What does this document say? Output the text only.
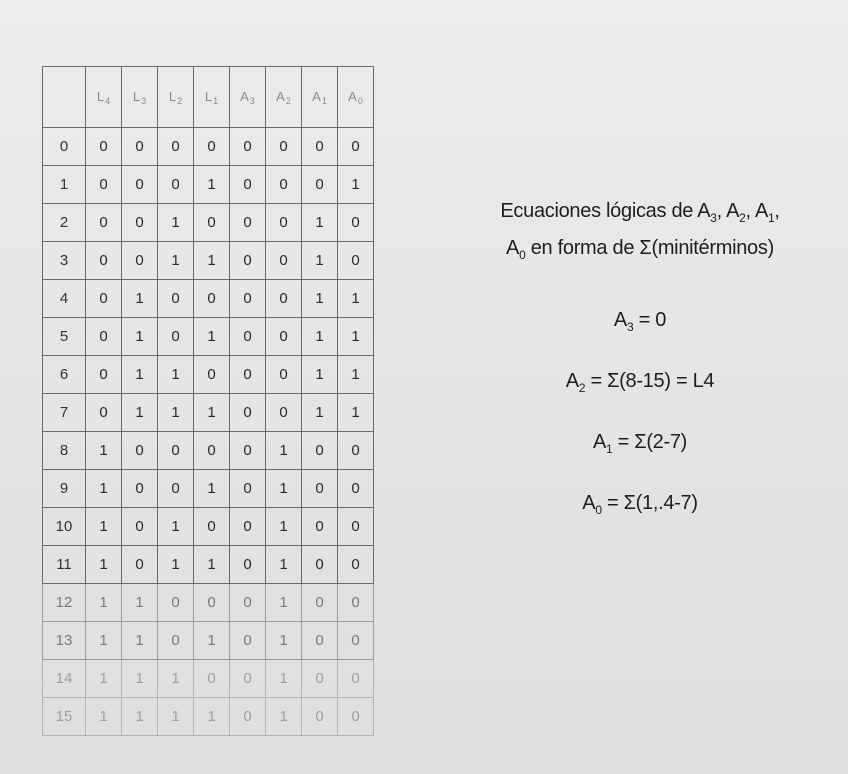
	$L_4$	$L_3$	$L_2$	$L_1$	$A_3$	$A_2$	$A_1$	$A_0$
0	0	0	0	0	0	0	0	0
1	0	0	0	1	0	0	0	1
2	0	0	1	0	0	0	1	0
3	0	0	1	1	0	0	1	0
4	0	1	0	0	0	0	1	1
5	0	1	0	1	0	0	1	1
6	0	1	1	0	0	0	1	1
7	0	1	1	1	0	0	1	1
8	1	0	0	0	0	1	0	0
9	1	0	0	1	0	1	0	0
10	1	0	1	0	0	1	0	0
11	1	0	1	1	0	1	0	0
12	1	1	0	0	0	1	0	0
13	1	1	0	1	0	1	0	0
14	1	1	1	0	0	1	0	0
15	1	1	1	1	0	1	0	0

Ecuaciones lógicas de $A_3$, $A_2$, $A_1$,

$A_0$ en forma de Σ(minitérminos)

$A_3 = 0$

$A_2 = \Sigma(8-15) = L4$

$A_1 = \Sigma(2-7)$

$A_0 = \Sigma(1,.4-7)$
